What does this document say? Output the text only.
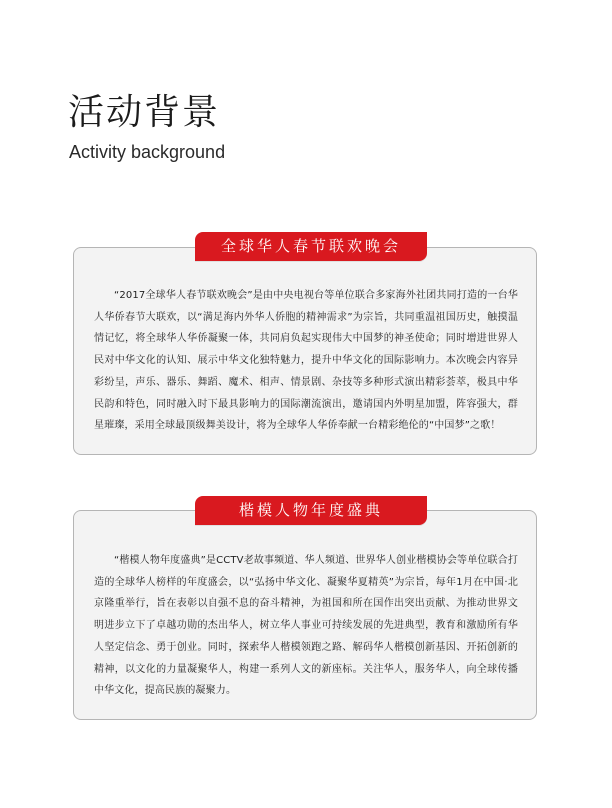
活动背景

Activity background

全球华人春节联欢晚会

“2017全球华人春节联欢晚会”是由中央电视台等单位联合多家海外社团共同打造的一台华人华侨春节大联欢，以“满足海内外华人侨胞的精神需求”为宗旨，共同重温祖国历史，触摸温情记忆，将全球华人华侨凝聚一体，共同肩负起实现伟大中国梦的神圣使命；同时增进世界人民对中华文化的认知、展示中华文化独特魅力，提升中华文化的国际影响力。本次晚会内容异彩纷呈，声乐、器乐、舞蹈、魔术、相声、情景剧、杂技等多种形式演出精彩荟萃，极具中华民韵和特色，同时融入时下最具影响力的国际潮流演出，邀请国内外明星加盟，阵容强大，群星璀璨，采用全球最顶级舞美设计，将为全球华人华侨奉献一台精彩绝伦的“中国梦”之歌！

楷模人物年度盛典

“楷模人物年度盛典”是CCTV老故事频道、华人频道、世界华人创业楷模协会等单位联合打造的全球华人榜样的年度盛会，以“弘扬中华文化、凝聚华夏精英”为宗旨，每年1月在中国·北京隆重举行，旨在表彰以自强不息的奋斗精神，为祖国和所在国作出突出贡献、为推动世界文明进步立下了卓越功勋的杰出华人，树立华人事业可持续发展的先进典型，教育和激励所有华人坚定信念、勇于创业。同时，探索华人楷模领跑之路、解码华人楷模创新基因、开拓创新的精神，以文化的力量凝聚华人，构建一系列人文的新座标。关注华人，服务华人，向全球传播中华文化，提高民族的凝聚力。
